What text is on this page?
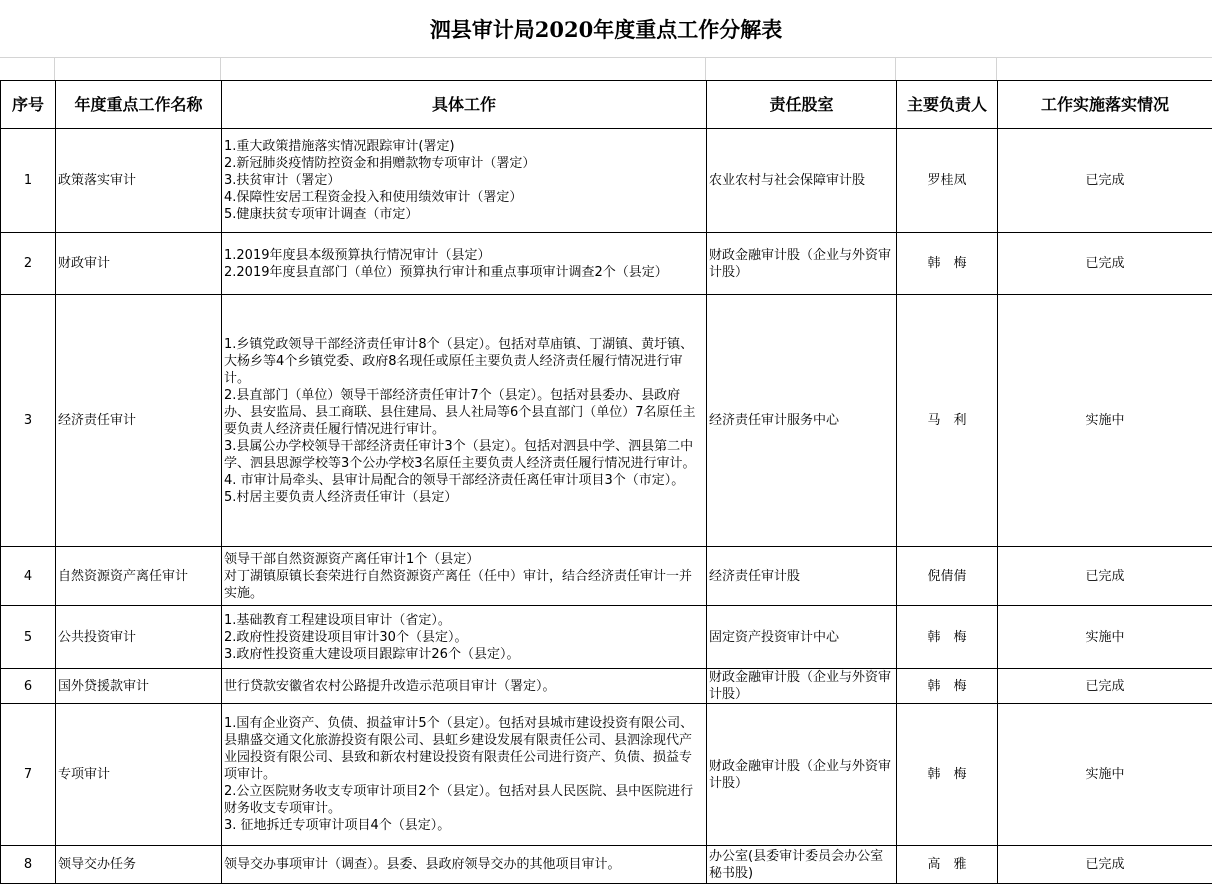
泗县审计局2020年度重点工作分解表
序号	年度重点工作名称	具体工作	责任股室	主要负责人	工作实施落实情况
1	政策落实审计	1.重大政策措施落实情况跟踪审计(署定)
2.新冠肺炎疫情防控资金和捐赠款物专项审计（署定）
3.扶贫审计（署定）
4.保障性安居工程资金投入和使用绩效审计（署定）
5.健康扶贫专项审计调查（市定）	农业农村与社会保障审计股	罗桂凤	已完成
2	财政审计	1.2019年度县本级预算执行情况审计（县定）
2.2019年度县直部门（单位）预算执行审计和重点事项审计调查2个（县定）	财政金融审计股（企业与外资审计股）	韩　梅	已完成
3	经济责任审计	1.乡镇党政领导干部经济责任审计8个（县定）。包括对草庙镇、丁湖镇、黄圩镇、大杨乡等4个乡镇党委、政府8名现任或原任主要负责人经济责任履行情况进行审计。
2.县直部门（单位）领导干部经济责任审计7个（县定）。包括对县委办、县政府办、县安监局、县工商联、县住建局、县人社局等6个县直部门（单位）7名原任主要负责人经济责任履行情况进行审计。
3.县属公办学校领导干部经济责任审计3个（县定）。包括对泗县中学、泗县第二中学、泗县思源学校等3个公办学校3名原任主要负责人经济责任履行情况进行审计。
4. 市审计局牵头、县审计局配合的领导干部经济责任离任审计项目3个（市定）。
5.村居主要负责人经济责任审计（县定）	经济责任审计服务中心	马　利	实施中
4	自然资源资产离任审计	领导干部自然资源资产离任审计1个（县定）
对丁湖镇原镇长套荣进行自然资源资产离任（任中）审计，结合经济责任审计一并实施。	经济责任审计股	倪倩倩	已完成
5	公共投资审计	1.基础教育工程建设项目审计（省定）。
2.政府性投资建设项目审计30个（县定）。
3.政府性投资重大建设项目跟踪审计26个（县定）。	固定资产投资审计中心	韩　梅	实施中
6	国外贷援款审计	世行贷款安徽省农村公路提升改造示范项目审计（署定）。	财政金融审计股（企业与外资审计股）	韩　梅	已完成
7	专项审计	1.国有企业资产、负债、损益审计5个（县定）。包括对县城市建设投资有限公司、县鼎盛交通文化旅游投资有限公司、县虹乡建设发展有限责任公司、县泗涂现代产业园投资有限公司、县致和新农村建设投资有限责任公司进行资产、负债、损益专项审计。
2.公立医院财务收支专项审计项目2个（县定）。包括对县人民医院、县中医院进行财务收支专项审计。
3. 征地拆迁专项审计项目4个（县定）。	财政金融审计股（企业与外资审计股）	韩　梅	实施中
8	领导交办任务	领导交办事项审计（调查）。县委、县政府领导交办的其他项目审计。	办公室(县委审计委员会办公室秘书股)	高　雅	已完成
